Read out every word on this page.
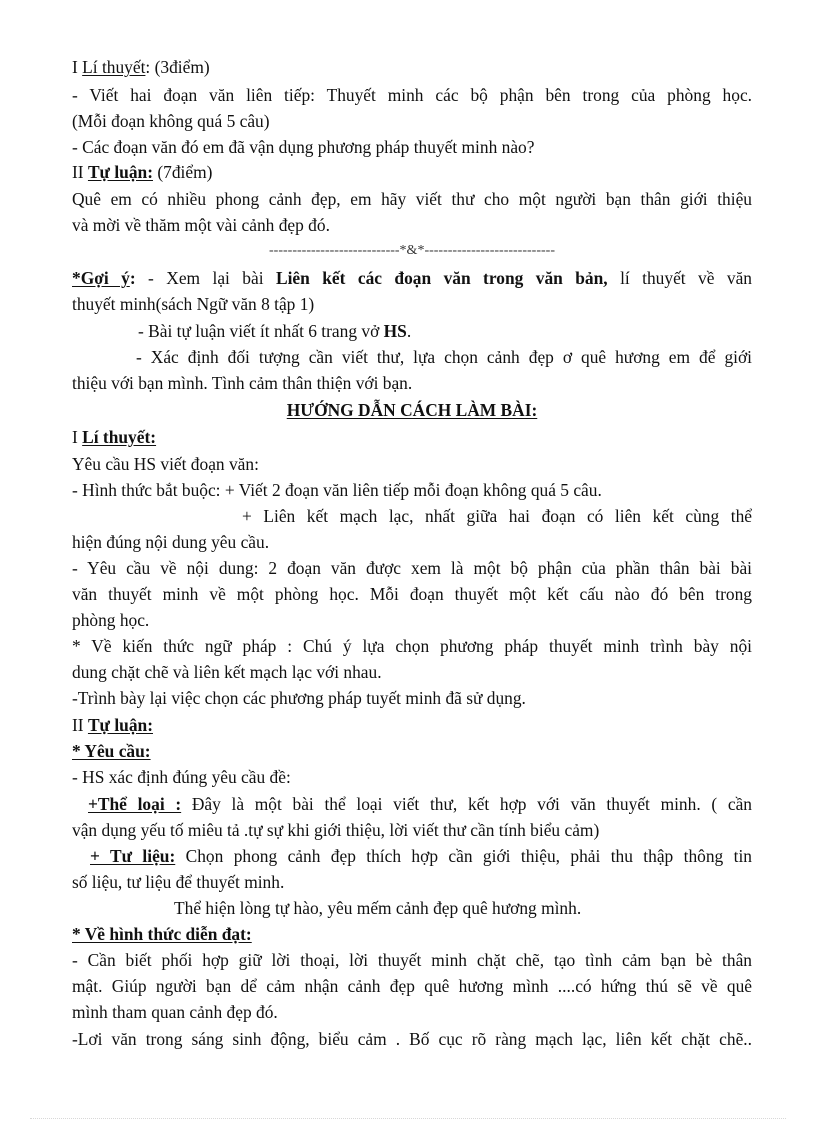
I Lí thuyết: (3điểm)
- Viết hai đoạn văn liên tiếp: Thuyết minh các bộ phận bên trong của phòng học.
(Mỗi đoạn không quá 5 câu)
- Các đoạn văn đó em đã vận dụng phương pháp thuyết minh nào?
II Tự luận: (7điểm)
Quê em có nhiều phong cảnh đẹp, em hãy viết thư cho một người bạn thân giới thiệu
và mời về thăm một vài cảnh đẹp đó.
----------------------------*&*----------------------------
*Gợi ý: - Xem lại bài Liên kết các đoạn văn trong văn bản, lí thuyết về văn
thuyết minh(sách Ngữ văn 8 tập 1)
- Bài tự luận viết ít nhất 6 trang vở HS.
- Xác định đối tượng cần viết thư, lựa chọn cảnh đẹp ơ quê hương em để giới
thiệu với bạn mình. Tình cảm thân thiện với bạn.
HƯỚNG DẪN CÁCH LÀM BÀI:
I Lí thuyết:
Yêu cầu HS viết đoạn văn:
- Hình thức bắt buộc: + Viết 2 đoạn văn liên tiếp mỗi đoạn không quá 5 câu.
+ Liên kết mạch lạc, nhất giữa hai đoạn có liên kết cùng thể
hiện đúng nội dung yêu cầu.
- Yêu cầu về nội dung: 2 đoạn văn được xem là một bộ phận của phần thân bài bài
văn thuyết minh về một phòng học. Mỗi đoạn thuyết một kết cấu nào đó bên trong
phòng học.
* Về kiến thức ngữ pháp : Chú ý lựa chọn phương pháp thuyết minh trình bày nội
dung chặt chẽ và liên kết mạch lạc với nhau.
-Trình bày lại việc chọn các phương pháp tuyết minh đã sử dụng.
II Tự luận:
* Yêu cầu:
- HS xác định đúng yêu cầu đề:
+Thể loại : Đây là một bài thể loại viết thư, kết hợp với văn thuyết minh. ( cần
vận dụng yếu tố miêu tả .tự sự khi giới thiệu, lời viết thư cần tính biểu cảm)
+ Tư liệu: Chọn phong cảnh đẹp thích hợp cần giới thiệu, phải thu thập thông tin
số liệu, tư liệu để thuyết minh.
Thể hiện lòng tự hào, yêu mếm cảnh đẹp quê hương mình.
* Về hình thức diễn đạt:
- Cần biết phối hợp giữ lời thoại, lời thuyết minh chặt chẽ, tạo tình cảm bạn bè thân
mật. Giúp người bạn dể cảm nhận cảnh đẹp quê hương mình ....có hứng thú sẽ về quê
mình tham quan cảnh đẹp đó.
-Lơi văn trong sáng sinh động, biểu cảm . Bố cục rõ ràng mạch lạc, liên kết chặt chẽ..
